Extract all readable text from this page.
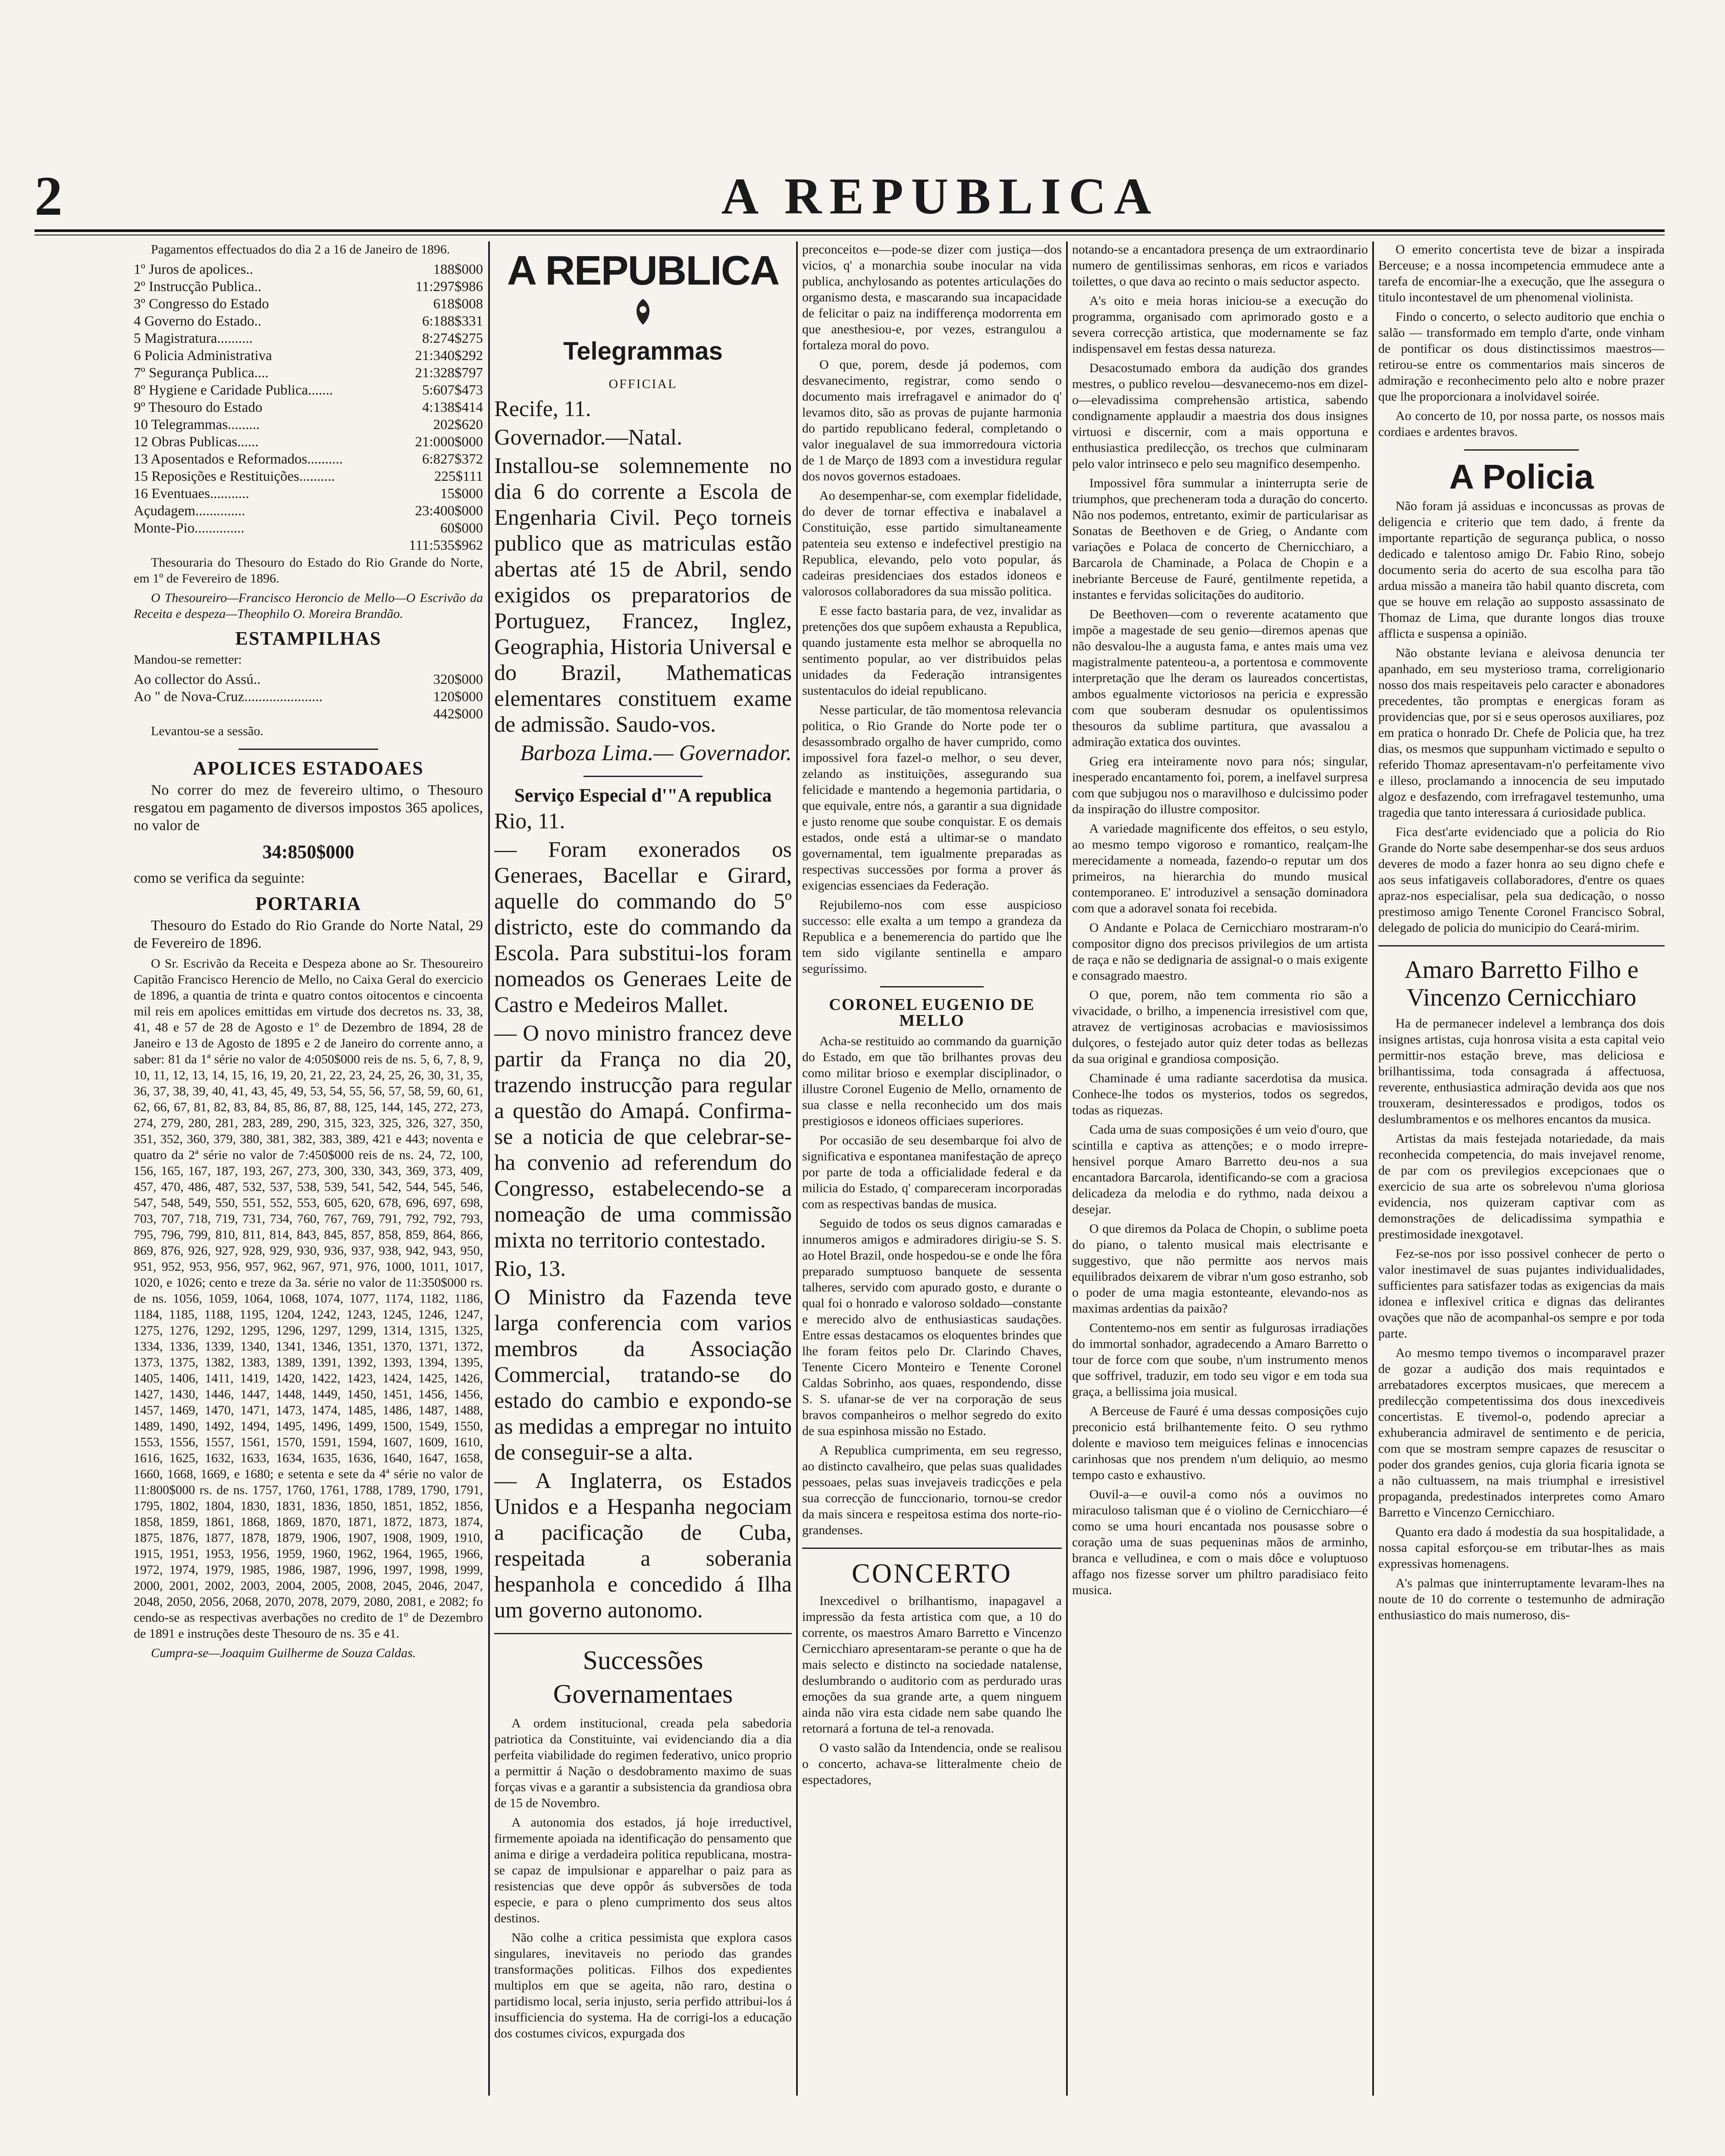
2	A REPUBLICA

Pagamentos effectuados do dia 2 a 16 de Janeiro de 1896.

1º Juros de apolices..	188$000
2º Instrucção Publica..	11:297$986
3º Congresso do Estado	618$008
4 Governo do Estado..	6:188$331
5 Magistratura..........	8:274$275
6 Policia Administrativa	21:340$292
7º Segurança Publica....	21:328$797
8º Hygiene e Caridade Publica.......	5:607$473
9º Thesouro do Estado	4:138$414
10 Telegrammas.........	202$620
12 Obras Publicas......	21:000$000
13 Aposentados e Reformados..........	6:827$372
15 Reposições e Restituições..........	225$111
16 Eventuaes...........	15$000
Açudagem..............	23:400$000
Monte-Pio..............	60$000
111:535$962

Thesouraria do Thesouro do Estado do Rio Grande do Norte, em 1º de Fevereiro de 1896.

O Thesoureiro—Francisco Heroncio de Mello—O Escrivão da Receita e despeza—Theophilo O. Moreira Brandão.

ESTAMPILHAS

Mandou-se remetter:

Ao collector do Assú..	320$000
Ao " de Nova-Cruz......................	120$000
442$000

Levantou-se a sessão.

APOLICES ESTADOAES

No correr do mez de fevereiro ultimo, o Thesouro resgatou em pagamento de diversos impostos 365 apolices, no valor de

34:850$000

como se verifica da seguinte:

PORTARIA

Thesouro do Estado do Rio Grande do Norte Natal, 29 de Fevereiro de 1896.

O Sr. Escrivão da Receita e Despeza abone ao Sr. Thesoureiro Capitão Francisco Herencio de Mello, no Caixa Geral do exercicio de 1896, a quantia de trinta e quatro contos oitocentos e cincoenta mil reis em apolices emittidas em virtude dos decretos ns. 33, 38, 41, 48 e 57 de 28 de Agosto e 1º de Dezembro de 1894, 28 de Janeiro e 13 de Agosto de 1895 e 2 de Janeiro do corrente anno, a saber: 81 da 1ª série no valor de 4:050$000 reis de ns. 5, 6, 7, 8, 9, 10, 11, 12, 13, 14, 15, 16, 19, 20, 21, 22, 23, 24, 25, 26, 30, 31, 35, 36, 37, 38, 39, 40, 41, 43, 45, 49, 53, 54, 55, 56, 57, 58, 59, 60, 61, 62, 66, 67, 81, 82, 83, 84, 85, 86, 87, 88, 125, 144, 145, 272, 273, 274, 279, 280, 281, 283, 289, 290, 315, 323, 325, 326, 327, 350, 351, 352, 360, 379, 380, 381, 382, 383, 389, 421 e 443; noventa e quatro da 2ª série no valor de 7:450$000 reis de ns. 24, 72, 100, 156, 165, 167, 187, 193, 267, 273, 300, 330, 343, 369, 373, 409, 457, 470, 486, 487, 532, 537, 538, 539, 541, 542, 544, 545, 546, 547, 548, 549, 550, 551, 552, 553, 605, 620, 678, 696, 697, 698, 703, 707, 718, 719, 731, 734, 760, 767, 769, 791, 792, 792, 793, 795, 796, 799, 810, 811, 814, 843, 845, 857, 858, 859, 864, 866, 869, 876, 926, 927, 928, 929, 930, 936, 937, 938, 942, 943, 950, 951, 952, 953, 956, 957, 962, 967, 971, 976, 1000, 1011, 1017, 1020, e 1026; cento e treze da 3a. série no valor de 11:350$000 rs. de ns. 1056, 1059, 1064, 1068, 1074, 1077, 1174, 1182, 1186, 1184, 1185, 1188, 1195, 1204, 1242, 1243, 1245, 1246, 1247, 1275, 1276, 1292, 1295, 1296, 1297, 1299, 1314, 1315, 1325, 1334, 1336, 1339, 1340, 1341, 1346, 1351, 1370, 1371, 1372, 1373, 1375, 1382, 1383, 1389, 1391, 1392, 1393, 1394, 1395, 1405, 1406, 1411, 1419, 1420, 1422, 1423, 1424, 1425, 1426, 1427, 1430, 1446, 1447, 1448, 1449, 1450, 1451, 1456, 1456, 1457, 1469, 1470, 1471, 1473, 1474, 1485, 1486, 1487, 1488, 1489, 1490, 1492, 1494, 1495, 1496, 1499, 1500, 1549, 1550, 1553, 1556, 1557, 1561, 1570, 1591, 1594, 1607, 1609, 1610, 1616, 1625, 1632, 1633, 1634, 1635, 1636, 1640, 1647, 1658, 1660, 1668, 1669, e 1680; e setenta e sete da 4ª série no valor de 11:800$000 rs. de ns. 1757, 1760, 1761, 1788, 1789, 1790, 1791, 1795, 1802, 1804, 1830, 1831, 1836, 1850, 1851, 1852, 1856, 1858, 1859, 1861, 1868, 1869, 1870, 1871, 1872, 1873, 1874, 1875, 1876, 1877, 1878, 1879, 1906, 1907, 1908, 1909, 1910, 1915, 1951, 1953, 1956, 1959, 1960, 1962, 1964, 1965, 1966, 1972, 1974, 1979, 1985, 1986, 1987, 1996, 1997, 1998, 1999, 2000, 2001, 2002, 2003, 2004, 2005, 2008, 2045, 2046, 2047, 2048, 2050, 2056, 2068, 2070, 2078, 2079, 2080, 2081, e 2082; fo cendo-se as respectivas averbações no credito de 1º de Dezembro de 1891 e instruções deste Thesouro de ns. 35 e 41.

Cumpra-se—Joaquim Guilherme de Souza Caldas.

A REPUBLICA
Telegrammas
OFFICIAL

Recife, 11.

Governador.—Natal.

Installou-se solemnemente no dia 6 do corrente a Escola de Engenharia Civil. Peço torneis publico que as matriculas estão abertas até 15 de Abril, sendo exigidos os preparatorios de Portuguez, Francez, Inglez, Geographia, Historia Universal e do Brazil, Mathematicas elementares constituem exame de admissão. Saudo-vos.

Barboza Lima.— Governador.

Serviço Especial d'"A republica

Rio, 11.

— Foram exonerados os Generaes, Bacellar e Girard, aquelle do commando do 5º districto, este do commando da Escola. Para substitui-los foram nomeados os Generaes Leite de Castro e Medeiros Mallet.

— O novo ministro francez deve partir da França no dia 20, trazendo instrucção para regular a questão do Amapá. Confirma-se a noticia de que celebrar-se-ha convenio ad referendum do Congresso, estabelecendo-se a nomeação de uma commissão mixta no territorio contestado.

Rio, 13.

O Ministro da Fazenda teve larga conferencia com varios membros da Associação Commercial, tratando-se do estado do cambio e expondo-se as medidas a empregar no intuito de conseguir-se a alta.

— A Inglaterra, os Estados Unidos e a Hespanha negociam a pacificação de Cuba, respeitada a soberania hespanhola e concedido á Ilha um governo autonomo.

Successões Governamentaes

A ordem institucional, creada pela sabedoria patriotica da Constituinte, vai evidenciando dia a dia perfeita viabilidade do regimen federativo, unico proprio a permittir á Nação o desdobramento maximo de suas forças vivas e a garantir a subsistencia da grandiosa obra de 15 de Novembro.

A autonomia dos estados, já hoje irreductivel, firmemente apoiada na identificação do pensamento que anima e dirige a verdadeira politica republicana, mostra-se capaz de impulsionar e apparelhar o paiz para as resistencias que deve oppôr ás subversões de toda especie, e para o pleno cumprimento dos seus altos destinos.

Não colhe a critica pessimista que explora casos singulares, inevitaveis no periodo das grandes transformações politicas. Filhos dos expedientes multiplos em que se ageita, não raro, destina o partidismo local, seria injusto, seria perfido attribui-los á insufficiencia do systema. Ha de corrigi-los a educação dos costumes civicos, expurgada dos

preconceitos e—pode-se dizer com justiça—dos vicios, q' a monarchia soube inocular na vida publica, anchylosando as potentes articulações do organismo desta, e mascarando sua incapacidade de felicitar o paiz na indifferença modorrenta em que anesthesiou-e, por vezes, estrangulou a fortaleza moral do povo.

O que, porem, desde já podemos, com desvanecimento, registrar, como sendo o documento mais irrefragavel e animador do q' levamos dito, são as provas de pujante harmonia do partido republicano federal, completando o valor inegualavel de sua immorredoura victoria de 1 de Março de 1893 com a investidura regular dos novos governos estadoaes.

Ao desempenhar-se, com exemplar fidelidade, do dever de tornar effectiva e inabalavel a Constituição, esse partido simultaneamente patenteia seu extenso e indefectivel prestigio na Republica, elevando, pelo voto popular, ás cadeiras presidenciaes dos estados idoneos e valorosos collaboradores da sua missão politica.

E esse facto bastaria para, de vez, invalidar as pretenções dos que supôem exhausta a Republica, quando justamente esta melhor se abroquella no sentimento popular, ao ver distribuidos pelas unidades da Federação intransigentes sustentaculos do ideial republicano.

Nesse particular, de tão momentosa relevancia politica, o Rio Grande do Norte pode ter o desassombrado orgalho de haver cumprido, como impossivel fora fazel-o melhor, o seu dever, zelando as instituições, assegurando sua felicidade e mantendo a hegemonia partidaria, o que equivale, entre nós, a garantir a sua dignidade e justo renome que soube conquistar. E os demais estados, onde está a ultimar-se o mandato governamental, tem igualmente preparadas as respectivas successões por forma a prover ás exigencias essenciaes da Federação.

Rejubilemo-nos com esse auspicioso successo: elle exalta a um tempo a grandeza da Republica e a benemerencia do partido que lhe tem sido vigilante sentinella e amparo seguríssimo.

CORONEL EUGENIO DE MELLO

Acha-se restituido ao commando da guarnição do Estado, em que tão brilhantes provas deu como militar brioso e exemplar disciplinador, o illustre Coronel Eugenio de Mello, ornamento de sua classe e nella reconhecido um dos mais prestigiosos e idoneos officiaes superiores.

Por occasião de seu desembarque foi alvo de significativa e espontanea manifestação de apreço por parte de toda a officialidade federal e da milicia do Estado, q' compareceram incorporadas com as respectivas bandas de musica.

Seguido de todos os seus dignos camaradas e innumeros amigos e admiradores dirigiu-se S. S. ao Hotel Brazil, onde hospedou-se e onde lhe fôra preparado sumptuoso banquete de sessenta talheres, servido com apurado gosto, e durante o qual foi o honrado e valoroso soldado—constante e merecido alvo de enthusiasticas saudações. Entre essas destacamos os eloquentes brindes que lhe foram feitos pelo Dr. Clarindo Chaves, Tenente Cicero Monteiro e Tenente Coronel Caldas Sobrinho, aos quaes, respondendo, disse S. S. ufanar-se de ver na corporação de seus bravos companheiros o melhor segredo do exito de sua espinhosa missão no Estado.

A Republica cumprimenta, em seu regresso, ao distincto cavalheiro, que pelas suas qualidades pessoaes, pelas suas invejaveis tradicções e pela sua correcção de funccionario, tornou-se credor da mais sincera e respeitosa estima dos norte-rio-grandenses.

CONCERTO

Inexcedivel o brilhantismo, inapagavel a impressão da festa artistica com que, a 10 do corrente, os maestros Amaro Barretto e Vincenzo Cernicchiaro apresentaram-se perante o que ha de mais selecto e distincto na sociedade natalense, deslumbrando o auditorio com as perdurado uras emoções da sua grande arte, a quem ninguem ainda não vira esta cidade nem sabe quando lhe retornará a fortuna de tel-a renovada.

O vasto salão da Intendencia, onde se realisou o concerto, achava-se litteralmente cheio de espectadores,

notando-se a encantadora presença de um extraordinario numero de gentilissimas senhoras, em ricos e variados toilettes, o que dava ao recinto o mais seductor aspecto.

A's oito e meia horas iniciou-se a execução do programma, organisado com aprimorado gosto e a severa correcção artistica, que modernamente se faz indispensavel em festas dessa natureza.

Desacostumado embora da audição dos grandes mestres, o publico revelou—desvanecemo-nos em dizel-o—elevadissima comprehensão artistica, sabendo condignamente applaudir a maestria dos dous insignes virtuosi e discernir, com a mais opportuna e enthusiastica predilecção, os trechos que culminaram pelo valor intrinseco e pelo seu magnifico desempenho.

Impossivel fôra summular a ininterrupta serie de triumphos, que precheneram toda a duração do concerto. Não nos podemos, entretanto, eximir de particularisar as Sonatas de Beethoven e de Grieg, o Andante com variações e Polaca de concerto de Chernicchiaro, a Barcarola de Chaminade, a Polaca de Chopin e a inebriante Berceuse de Fauré, gentilmente repetida, a instantes e fervidas solicitações do auditorio.

De Beethoven—com o reverente acatamento que impõe a magestade de seu genio—diremos apenas que não desvalou-lhe a augusta fama, e antes mais uma vez magistralmente patenteou-a, a portentosa e commovente interpretação que lhe deram os laureados concertistas, ambos egualmente victoriosos na pericia e expressão com que souberam desnudar os opulentissimos thesouros da sublime partitura, que avassalou a admiração extatica dos ouvintes.

Grieg era inteiramente novo para nós; singular, inesperado encantamento foi, porem, a inelfavel surpresa com que subjugou nos o maravilhoso e dulcissimo poder da inspiração do illustre compositor.

A variedade magnificente dos effeitos, o seu estylo, ao mesmo tempo vigoroso e romantico, realçam-lhe merecidamente a nomeada, fazendo-o reputar um dos primeiros, na hierarchia do mundo musical contemporaneo. E' introduzivel a sensação dominadora com que a adoravel sonata foi recebida.

O Andante e Polaca de Cernicchiaro mostraram-n'o compositor digno dos precisos privilegios de um artista de raça e não se dedignaria de assignal-o o mais exigente e consagrado maestro.

O que, porem, não tem commenta rio são a vivacidade, o brilho, a impenencia irresistivel com que, atravez de vertiginosas acrobacias e maviosissimos dulçores, o festejado autor quiz deter todas as bellezas da sua original e grandiosa composição.

Chaminade é uma radiante sacerdotisa da musica. Conhece-lhe todos os mysterios, todos os segredos, todas as riquezas.

Cada uma de suas composições é um veio d'ouro, que scintilla e captiva as attenções; e o modo irrepre-hensivel porque Amaro Barretto deu-nos a sua encantadora Barcarola, identificando-se com a graciosa delicadeza da melodia e do rythmo, nada deixou a desejar.

O que diremos da Polaca de Chopin, o sublime poeta do piano, o talento musical mais electrisante e suggestivo, que não permitte aos nervos mais equilibrados deixarem de vibrar n'um goso estranho, sob o poder de uma magia estonteante, elevando-nos as maximas ardentias da paixão?

Contentemo-nos em sentir as fulgurosas irradiações do immortal sonhador, agradecendo a Amaro Barretto o tour de force com que soube, n'um instrumento menos que soffrivel, traduzir, em todo seu vigor e em toda sua graça, a bellissima joia musical.

A Berceuse de Fauré é uma dessas composições cujo preconicio está brilhantemente feito. O seu rythmo dolente e mavioso tem meiguices felinas e innocencias carinhosas que nos prendem n'um deliquio, ao mesmo tempo casto e exhaustivo.

Ouvil-a—e ouvil-a como nós a ouvimos no miraculoso talisman que é o violino de Cernicchiaro—é como se uma houri encantada nos pousasse sobre o coração uma de suas pequeninas mãos de arminho, branca e velludinea, e com o mais dôce e voluptuoso affago nos fizesse sorver um philtro paradisiaco feito musica.

O emerito concertista teve de bizar a inspirada Berceuse; e a nossa incompetencia emmudece ante a tarefa de encomiar-lhe a execução, que lhe assegura o titulo incontestavel de um phenomenal violinista.

Findo o concerto, o selecto auditorio que enchia o salão — transformado em templo d'arte, onde vinham de pontificar os dous distinctissimos maestros—retirou-se entre os commentarios mais sinceros de admiração e reconhecimento pelo alto e nobre prazer que lhe proporcionara a inolvidavel soirée.

Ao concerto de 10, por nossa parte, os nossos mais cordiaes e ardentes bravos.

A Policia

Não foram já assiduas e inconcussas as provas de deligencia e criterio que tem dado, á frente da importante repartição de segurança publica, o nosso dedicado e talentoso amigo Dr. Fabio Rino, sobejo documento seria do acerto de sua escolha para tão ardua missão a maneira tão habil quanto discreta, com que se houve em relação ao supposto assassinato de Thomaz de Lima, que durante longos dias trouxe afflicta e suspensa a opinião.

Não obstante leviana e aleivosa denuncia ter apanhado, em seu mysterioso trama, correligionario nosso dos mais respeitaveis pelo caracter e abonadores precedentes, tão promptas e energicas foram as providencias que, por si e seus operosos auxiliares, poz em pratica o honrado Dr. Chefe de Policia que, ha trez dias, os mesmos que suppunham victimado e sepulto o referido Thomaz apresentavam-n'o perfeitamente vivo e illeso, proclamando a innocencia de seu imputado algoz e desfazendo, com irrefragavel testemunho, uma tragedia que tanto interessara á curiosidade publica.

Fica dest'arte evidenciado que a policia do Rio Grande do Norte sabe desempenhar-se dos seus arduos deveres de modo a fazer honra ao seu digno chefe e aos seus infatigaveis collaboradores, d'entre os quaes apraz-nos especialisar, pela sua dedicação, o nosso prestimoso amigo Tenente Coronel Francisco Sobral, delegado de policia do municipio do Ceará-mirim.

Amaro Barretto Filho e Vincenzo Cernicchiaro

Ha de permanecer indelevel a lembrança dos dois insignes artistas, cuja honrosa visita a esta capital veio permittir-nos estação breve, mas deliciosa e brilhantissima, toda consagrada á affectuosa, reverente, enthusiastica admiração devida aos que nos trouxeram, desinteressados e prodigos, todos os deslumbramentos e os melhores encantos da musica.

Artistas da mais festejada notariedade, da mais reconhecida competencia, do mais invejavel renome, de par com os previlegios excepcionaes que o exercicio de sua arte os sobrelevou n'uma gloriosa evidencia, nos quizeram captivar com as demonstrações de delicadissima sympathia e prestimosidade inexgotavel.

Fez-se-nos por isso possivel conhecer de perto o valor inestimavel de suas pujantes individualidades, sufficientes para satisfazer todas as exigencias da mais idonea e inflexivel critica e dignas das delirantes ovações que não de acompanhal-os sempre e por toda parte.

Ao mesmo tempo tivemos o incomparavel prazer de gozar a audição dos mais requintados e arrebatadores excerptos musicaes, que merecem a predilecção competentissima dos dous inexcediveis concertistas. E tivemol-o, podendo apreciar a exhuberancia admiravel de sentimento e de pericia, com que se mostram sempre capazes de resuscitar o poder dos grandes genios, cuja gloria ficaria ignota se a não cultuassem, na mais triumphal e irresistivel propaganda, predestinados interpretes como Amaro Barretto e Vincenzo Cernicchiaro.

Quanto era dado á modestia da sua hospitalidade, a nossa capital esforçou-se em tributar-lhes as mais expressivas homenagens.

A's palmas que ininterruptamente levaram-lhes na noute de 10 do corrente o testemunho de admiração enthusiastico do mais numeroso, dis-
